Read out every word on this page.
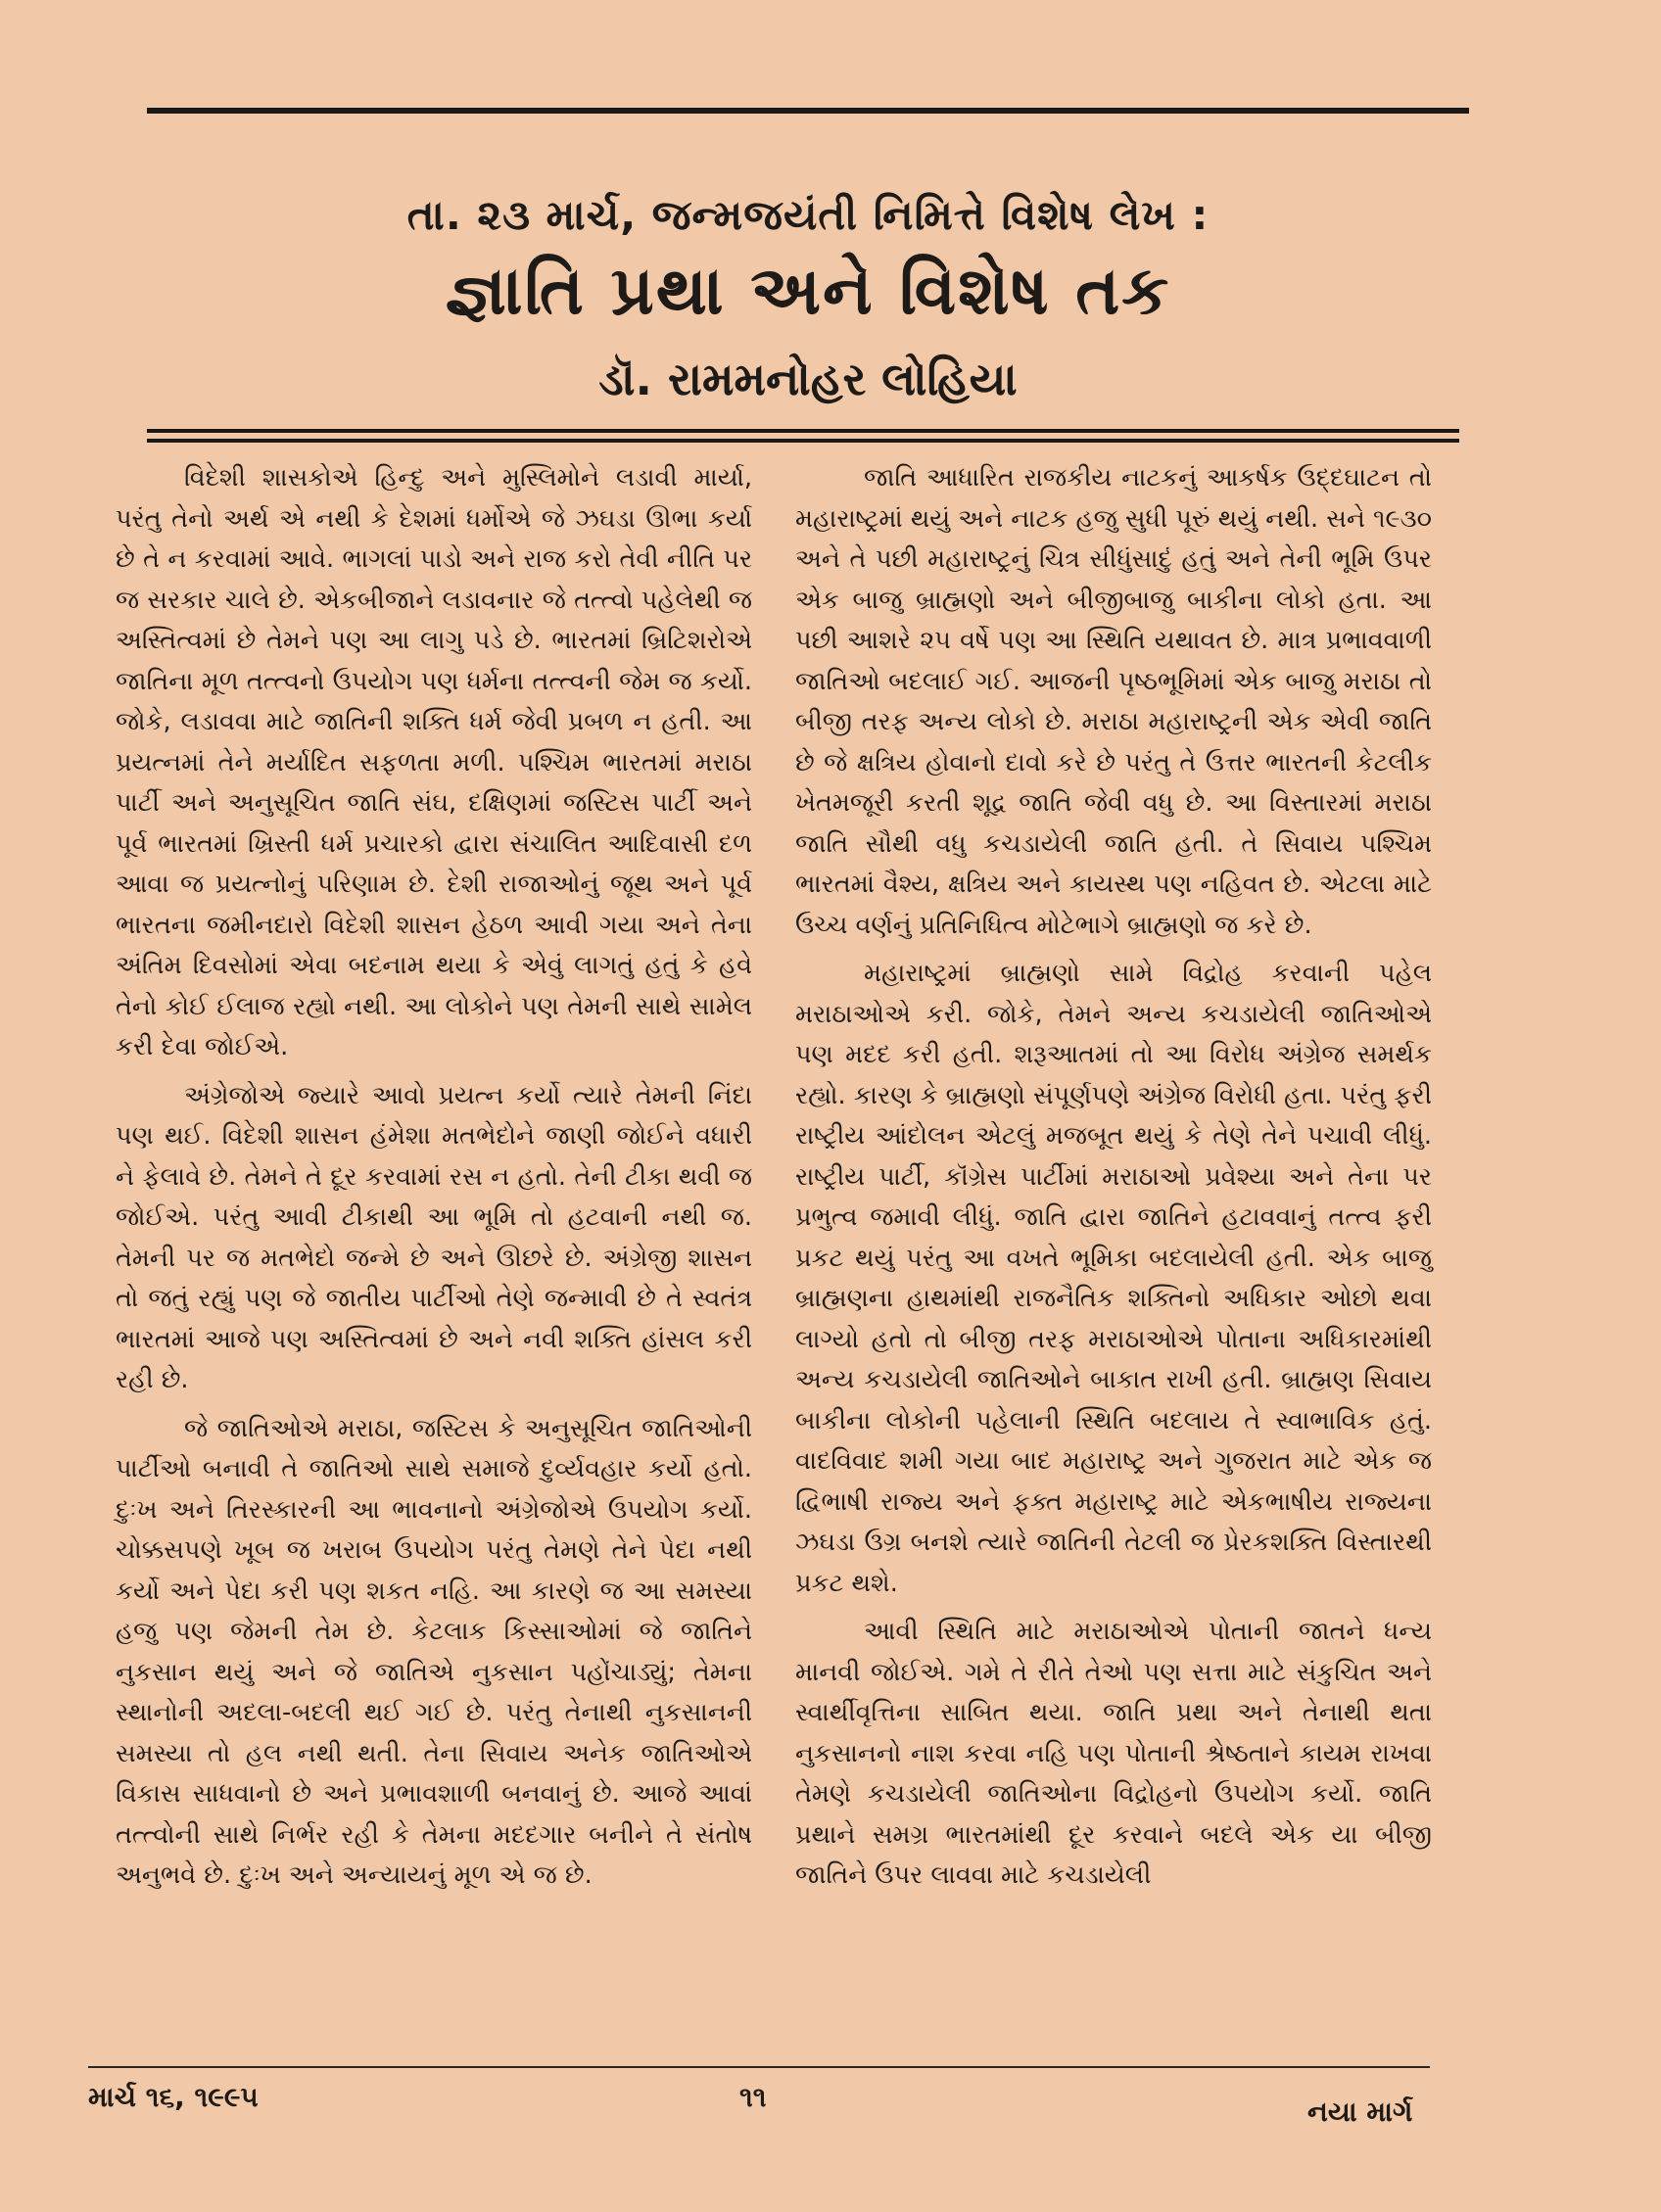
તા. ૨૩ માર્ચ, જન્મજયંતી નિમિત્તે વિશેષ લેખ :
જ્ઞાતિ પ્રથા અને વિશેષ તક
ડૉ. રામમનોહર લોહિયા

વિદેશી શાસકોએ હિન્દુ અને મુસ્લિમોને લડાવી માર્યા, પરંતુ તેનો અર્થ એ નથી કે દેશમાં ધર્મોએ જે ઝઘડા ઊભા કર્યા છે તે ન કરવામાં આવે. ભાગલાં પાડો અને રાજ કરો તેવી નીતિ પર જ સરકાર ચાલે છે. એકબીજાને લડાવનાર જે તત્ત્વો પહેલેથી જ અસ્તિત્વમાં છે તેમને પણ આ લાગુ પડે છે. ભારતમાં બ્રિટિશરોએ જાતિના મૂળ તત્ત્વનો ઉપયોગ પણ ધર્મના તત્ત્વની જેમ જ કર્યો. જોકે, લડાવવા માટે જાતિની શક્તિ ધર્મ જેવી પ્રબળ ન હતી. આ પ્રયત્નમાં તેને મર્યાદિત સફળતા મળી. પશ્ચિમ ભારતમાં મરાઠા પાર્ટી અને અનુસૂચિત જાતિ સંઘ, દક્ષિણમાં જસ્ટિસ પાર્ટી અને પૂર્વ ભારતમાં ખ્રિસ્તી ધર્મ પ્રચારકો દ્વારા સંચાલિત આદિવાસી દળ આવા જ પ્રયત્નોનું પરિણામ છે. દેશી રાજાઓનું જૂથ અને પૂર્વ ભારતના જમીનદારો વિદેશી શાસન હેઠળ આવી ગયા અને તેના અંતિમ દિવસોમાં એવા બદનામ થયા કે એવું લાગતું હતું કે હવે તેનો કોઈ ઈલાજ રહ્યો નથી. આ લોકોને પણ તેમની સાથે સામેલ કરી દેવા જોઈએ.

અંગ્રેજોએ જ્યારે આવો પ્રયત્ન કર્યો ત્યારે તેમની નિંદા પણ થઈ. વિદેશી શાસન હંમેશા મતભેદોને જાણી જોઈને વધારી ને ફેલાવે છે. તેમને તે દૂર કરવામાં રસ ન હતો. તેની ટીકા થવી જ જોઈએ. પરંતુ આવી ટીકાથી આ ભૂમિ તો હટવાની નથી જ. તેમની પર જ મતભેદો જન્મે છે અને ઊછરે છે. અંગ્રેજી શાસન તો જતું રહ્યું પણ જે જાતીય પાર્ટીઓ તેણે જન્માવી છે તે સ્વતંત્ર ભારતમાં આજે પણ અસ્તિત્વમાં છે અને નવી શક્તિ હાંસલ કરી રહી છે.

જે જાતિઓએ મરાઠા, જસ્ટિસ કે અનુસૂચિત જાતિઓની પાર્ટીઓ બનાવી તે જાતિઓ સાથે સમાજે દુર્વ્યવહાર કર્યો હતો. દુઃખ અને તિરસ્કારની આ ભાવનાનો અંગ્રેજોએ ઉપયોગ કર્યો. ચોક્કસપણે ખૂબ જ ખરાબ ઉપયોગ પરંતુ તેમણે તેને પેદા નથી કર્યો અને પેદા કરી પણ શકત નહિ. આ કારણે જ આ સમસ્યા હજુ પણ જેમની તેમ છે. કેટલાક કિસ્સાઓમાં જે જાતિને નુકસાન થયું અને જે જાતિએ નુકસાન પહોંચાડ્યું; તેમના સ્થાનોની અદલા-બદલી થઈ ગઈ છે. પરંતુ તેનાથી નુકસાનની સમસ્યા તો હલ નથી થતી. તેના સિવાય અનેક જાતિઓએ વિકાસ સાધવાનો છે અને પ્રભાવશાળી બનવાનું છે. આજે આવાં તત્ત્વોની સાથે નિર્ભર રહી કે તેમના મદદગાર બનીને તે સંતોષ અનુભવે છે. દુઃખ અને અન્યાયનું મૂળ એ જ છે.

જાતિ આધારિત રાજકીય નાટકનું આકર્ષક ઉદ્દઘાટન તો મહારાષ્ટ્રમાં થયું અને નાટક હજુ સુધી પૂરું થયું નથી. સને ૧૯૩૦ અને તે પછી મહારાષ્ટ્રનું ચિત્ર સીધુંસાદું હતું અને તેની ભૂમિ ઉપર એક બાજુ બ્રાહ્મણો અને બીજીબાજુ બાકીના લોકો હતા. આ પછી આશરે ૨૫ વર્ષે પણ આ સ્થિતિ યથાવત છે. માત્ર પ્રભાવવાળી જાતિઓ બદલાઈ ગઈ. આજની પૃષ્ઠભૂમિમાં એક બાજુ મરાઠા તો બીજી તરફ અન્ય લોકો છે. મરાઠા મહારાષ્ટ્રની એક એવી જાતિ છે જે ક્ષત્રિય હોવાનો દાવો કરે છે પરંતુ તે ઉત્તર ભારતની કેટલીક ખેતમજૂરી કરતી શૂદ્ર જાતિ જેવી વધુ છે. આ વિસ્તારમાં મરાઠા જાતિ સૌથી વધુ કચડાયેલી જાતિ હતી. તે સિવાય પશ્ચિમ ભારતમાં વૈશ્ય, ક્ષત્રિય અને કાયસ્થ પણ નહિવત છે. એટલા માટે ઉચ્ચ વર્ણનું પ્રતિનિધિત્વ મોટેભાગે બ્રાહ્મણો જ કરે છે.

મહારાષ્ટ્રમાં બ્રાહ્મણો સામે વિદ્રોહ કરવાની પહેલ મરાઠાઓએ કરી. જોકે, તેમને અન્ય કચડાયેલી જાતિઓએ પણ મદદ કરી હતી. શરૂઆતમાં તો આ વિરોધ અંગ્રેજ સમર્થક રહ્યો. કારણ કે બ્રાહ્મણો સંપૂર્ણપણે અંગ્રેજ વિરોધી હતા. પરંતુ ફરી રાષ્ટ્રીય આંદોલન એટલું મજબૂત થયું કે તેણે તેને પચાવી લીધું. રાષ્ટ્રીય પાર્ટી, કૉંગ્રેસ પાર્ટીમાં મરાઠાઓ પ્રવેશ્યા અને તેના પર પ્રભુત્વ જમાવી લીધું. જાતિ દ્વારા જાતિને હટાવવાનું તત્ત્વ ફરી પ્રકટ થયું પરંતુ આ વખતે ભૂમિકા બદલાયેલી હતી. એક બાજુ બ્રાહ્મણના હાથમાંથી રાજનૈતિક શક્તિનો અધિકાર ઓછો થવા લાગ્યો હતો તો બીજી તરફ મરાઠાઓએ પોતાના અધિકારમાંથી અન્ય કચડાયેલી જાતિઓને બાકાત રાખી હતી. બ્રાહ્મણ સિવાય બાકીના લોકોની પહેલાની સ્થિતિ બદલાય તે સ્વાભાવિક હતું. વાદવિવાદ શમી ગયા બાદ મહારાષ્ટ્ર અને ગુજરાત માટે એક જ દ્વિભાષી રાજ્ય અને ફક્ત મહારાષ્ટ્ર માટે એકભાષીય રાજ્યના ઝઘડા ઉગ્ર બનશે ત્યારે જાતિની તેટલી જ પ્રેરકશક્તિ વિસ્તારથી પ્રકટ થશે.

આવી સ્થિતિ માટે મરાઠાઓએ પોતાની જાતને ધન્ય માનવી જોઈએ. ગમે તે રીતે તેઓ પણ સત્તા માટે સંકુચિત અને સ્વાર્થીવૃત્તિના સાબિત થયા. જાતિ પ્રથા અને તેનાથી થતા નુકસાનનો નાશ કરવા નહિ પણ પોતાની શ્રેષ્ઠતાને કાયમ રાખવા તેમણે કચડાયેલી જાતિઓના વિદ્રોહનો ઉપયોગ કર્યો. જાતિ પ્રથાને સમગ્ર ભારતમાંથી દૂર કરવાને બદલે એક યા બીજી જાતિને ઉપર લાવવા માટે કચડાયેલી

માર્ચ ૧૬, ૧૯૯૫	૧૧	નયા માર્ગ
